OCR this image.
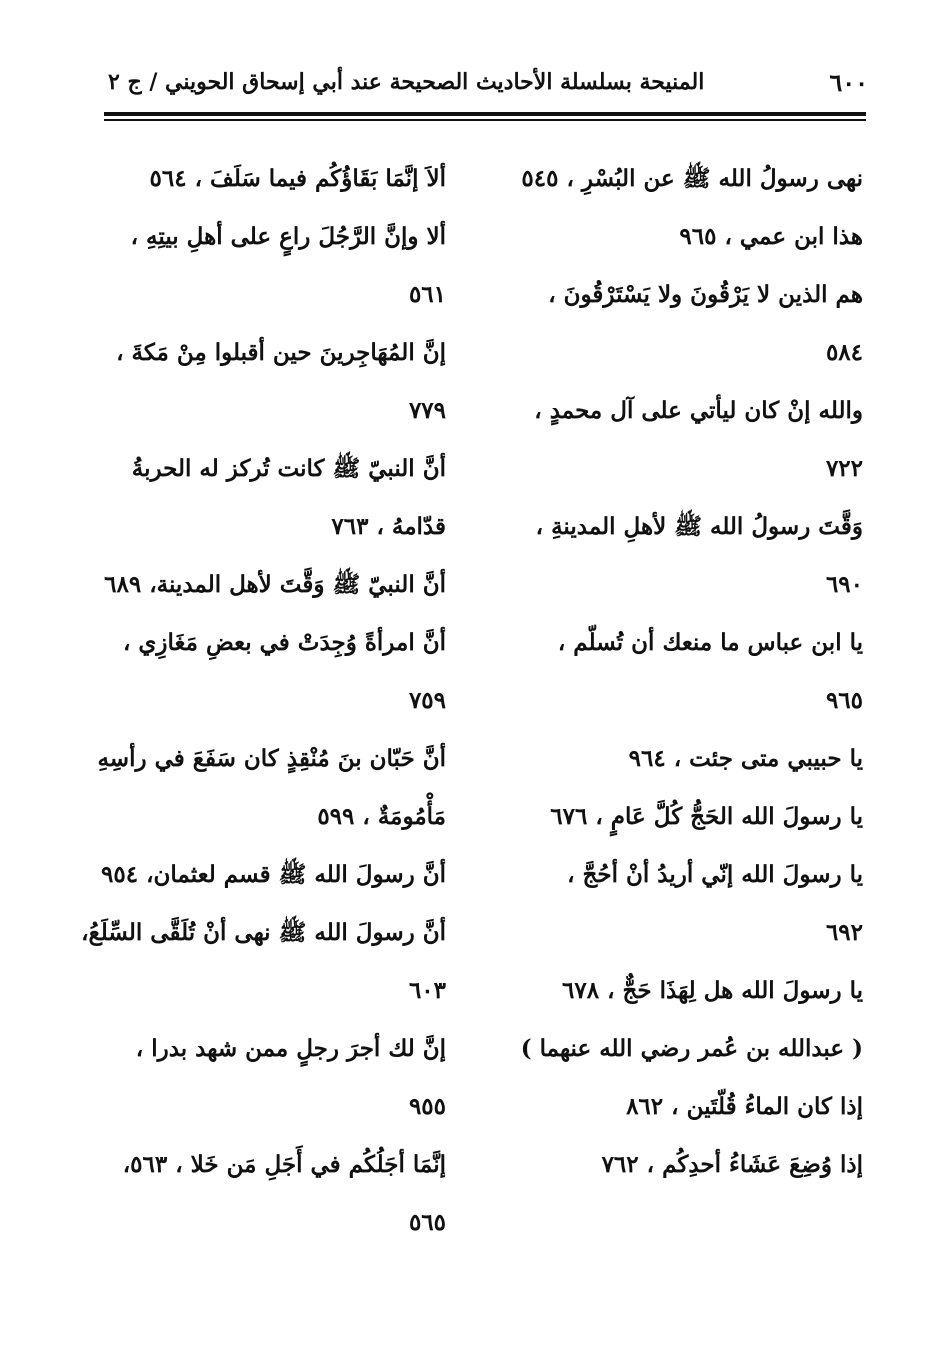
٦٠٠
المنيحة بسلسلة الأحاديث الصحيحة عند أبي إسحاق الحويني / ج ٢
نهى رسولُ الله ﷺ عن البُسْرِ ، ٥٤٥
هذا ابن عمي ، ٩٦٥
هم الذين لا يَرْقُونَ ولا يَسْتَرْقُونَ ،
٥٨٤
والله إنْ كان ليأتي على آل محمدٍ ،
٧٢٢
وَقَّتَ رسولُ الله ﷺ لأهلِ المدينةِ ،
٦٩٠
يا ابن عباس ما منعك أن تُسلّم ،
٩٦٥
يا حبيبي متى جئت ، ٩٦٤
يا رسولَ الله الحَجُّ كُلَّ عَامٍ ، ٦٧٦
يا رسولَ الله إنّي أريدُ أنْ أحُجَّ ،
٦٩٢
يا رسولَ الله هل لِهَذَا حَجٌّ ، ٦٧٨
( عبدالله بن عُمر رضي الله عنهما )
إذا كان الماءُ قُلّتَين ، ٨٦٢
إذا وُضِعَ عَشَاءُ أحدِكُم ، ٧٦٢
ألاَ إنَّمَا بَقَاؤُكُم فيما سَلَفَ ، ٥٦٤
ألا وإنَّ الرَّجُلَ راعٍ على أهلِ بيتِهِ ،
٥٦١
إنَّ المُهَاجِرينَ حين أقبلوا مِنْ مَكةَ ،
٧٧٩
أنَّ النبيّ ﷺ كانت تُركز له الحربةُ
قدّامهُ ، ٧٦٣
أنَّ النبيّ ﷺ وَقَّتَ لأهل المدينة، ٦٨٩
أنَّ امرأةً وُجِدَتْ في بعضِ مَغَازِي ،
٧٥٩
أنَّ حَبّان بنَ مُنْقِذٍ كان سَفَعَ في رأسِهِ
مَأْمُومَةٌ ، ٥٩٩
أنَّ رسولَ الله ﷺ قسم لعثمان، ٩٥٤
أنَّ رسولَ الله ﷺ نهى أنْ تُلَقَّى السِّلَعُ،
٦٠٣
إنَّ لك أجرَ رجلٍ ممن شهد بدرا ،
٩٥٥
إنَّمَا أجَلُكُم في أَجَلِ مَن خَلا ، ٥٦٣،
٥٦٥
